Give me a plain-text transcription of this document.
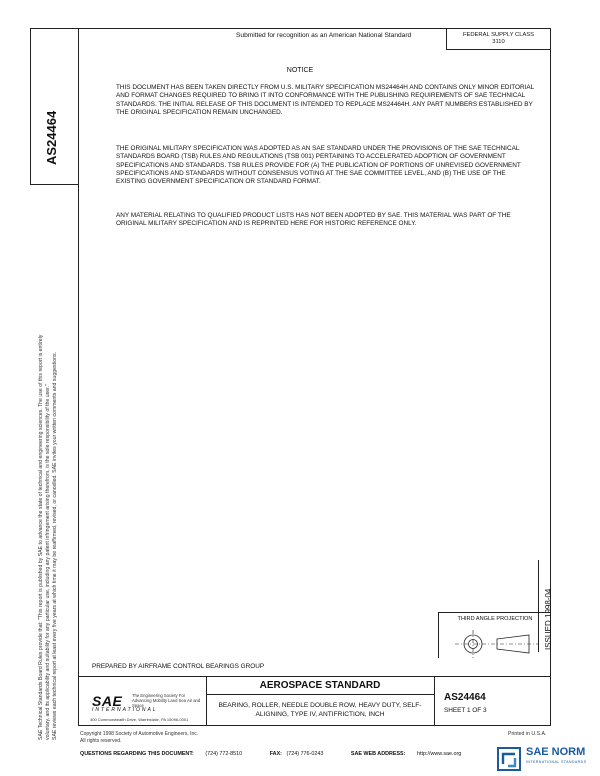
AS24464
SAE Technical Standards Board Rules provide that: "This report is published by SAE to advance the state of technical and engineering sciences. The use of this report is entirely voluntary, and its applicability and suitability for any particular use, including any patent infringement arising therefrom, is the sole responsibility of the user." SAE reviews each technical report at least every five years at which time it may be reaffirmed, revised, or cancelled. SAE invites your written comments and suggestions.
Submitted for recognition as an American National Standard	FEDERAL SUPPLY CLASS
3110
NOTICE
THIS DOCUMENT HAS BEEN TAKEN DIRECTLY FROM U.S. MILITARY SPECIFICATION MS24464H AND CONTAINS ONLY MINOR EDITORIAL AND FORMAT CHANGES REQUIRED TO BRING IT INTO CONFORMANCE WITH THE PUBLISHING REQUIREMENTS OF SAE TECHNICAL STANDARDS. THE INITIAL RELEASE OF THIS DOCUMENT IS INTENDED TO REPLACE MS24464H. ANY PART NUMBERS ESTABLISHED BY THE ORIGINAL SPECIFICATION REMAIN UNCHANGED.
THE ORIGINAL MILITARY SPECIFICATION WAS ADOPTED AS AN SAE STANDARD UNDER THE PROVISIONS OF THE SAE TECHNICAL STANDARDS BOARD (TSB) RULES AND REGULATIONS (TSB 001) PERTAINING TO ACCELERATED ADOPTION OF GOVERNMENT SPECIFICATIONS AND STANDARDS. TSB RULES PROVIDE FOR (A) THE PUBLICATION OF PORTIONS OF UNREVISED GOVERNMENT SPECIFICATIONS AND STANDARDS WITHOUT CONSENSUS VOTING AT THE SAE COMMITTEE LEVEL, AND (B) THE USE OF THE EXISTING GOVERNMENT SPECIFICATION OR STANDARD FORMAT.
ANY MATERIAL RELATING TO QUALIFIED PRODUCT LISTS HAS NOT BEEN ADOPTED BY SAE. THIS MATERIAL WAS PART OF THE ORIGINAL MILITARY SPECIFICATION AND IS REPRINTED HERE FOR HISTORIC REFERENCE ONLY.
ISSUED 1998-04
THIRD ANGLE PROJECTION
PREPARED BY AIRFRAME CONTROL BEARINGS GROUP
SAE
INTERNATIONAL
The Engineering Society For Advancing Mobility Land Sea Air and Space
400 Commonwealth Drive, Warrendale, PA 15096-0001
AEROSPACE STANDARD
BEARING, ROLLER, NEEDLE DOUBLE ROW, HEAVY DUTY, SELF-ALIGNING, TYPE IV, ANTIFRICTION, INCH
AS24464
SHEET 1 OF 3
Copyright 1998 Society of Automotive Engineers, Inc.
All rights reserved.
Printed in U.S.A.
QUESTIONS REGARDING THIS DOCUMENT: (724) 772-8510	FAX: (724) 776-0243	SAE WEB ADDRESS: http://www.sae.org	SAE NORM
INTERNATIONAL STANDARDS
